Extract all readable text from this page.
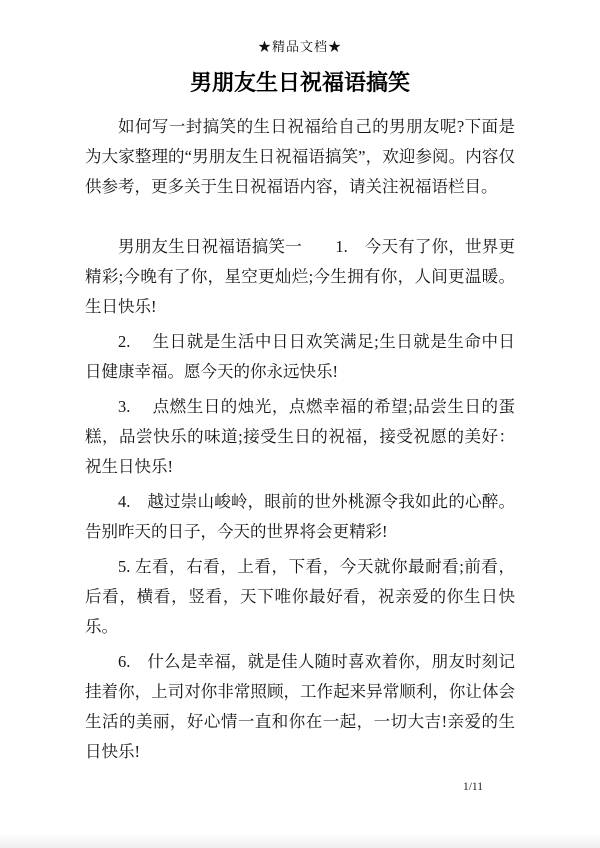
★精品文档★
男朋友生日祝福语搞笑

如何写一封搞笑的生日祝福给自己的男朋友呢?下面是为大家整理的“男朋友生日祝福语搞笑”，欢迎参阅。内容仅供参考，更多关于生日祝福语内容，请关注祝福语栏目。

男朋友生日祝福语搞笑一　　1.　今天有了你，世界更精彩;今晚有了你，星空更灿烂;今生拥有你，人间更温暖。生日快乐!

2.　 生日就是生活中日日欢笑满足;生日就是生命中日日健康幸福。愿今天的你永远快乐!

3.　 点燃生日的烛光，点燃幸福的希望;品尝生日的蛋糕，品尝快乐的味道;接受生日的祝福，接受祝愿的美好：祝生日快乐!

4.　越过崇山峻岭，眼前的世外桃源令我如此的心醉。告别昨天的日子，今天的世界将会更精彩!

5. 左看，右看，上看，下看，今天就你最耐看;前看，后看，横看，竖看，天下唯你最好看，祝亲爱的你生日快乐。

6.　什么是幸福，就是佳人随时喜欢着你，朋友时刻记挂着你，上司对你非常照顾，工作起来异常顺利，你让体会生活的美丽，好心情一直和你在一起，一切大吉!亲爱的生日快乐!

1/11
